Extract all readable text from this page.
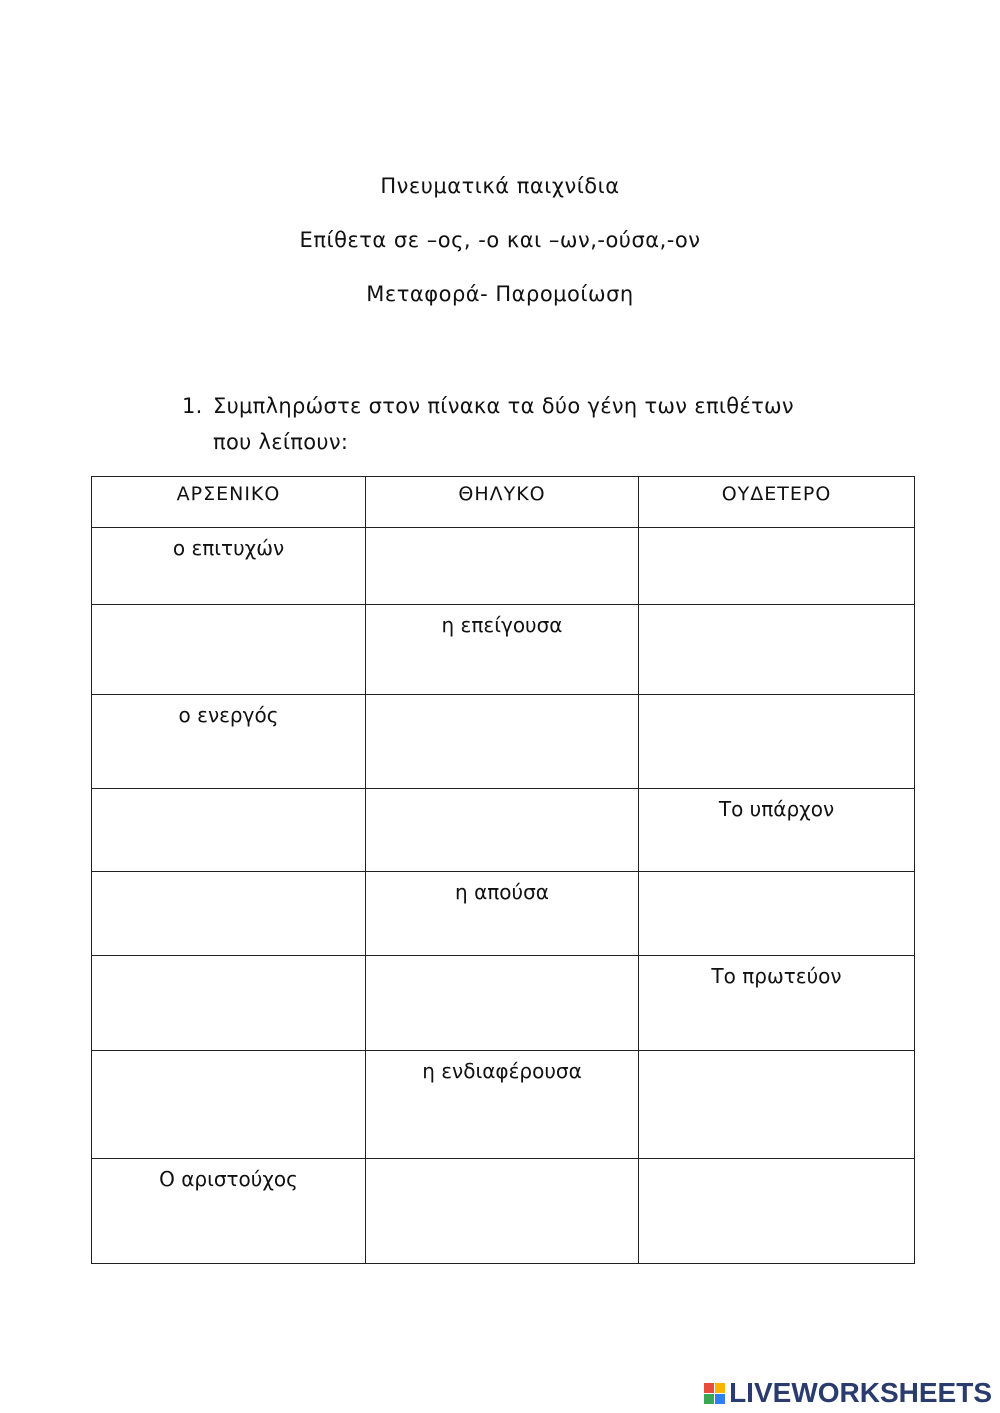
Πνευματικά παιχνίδια
Επίθετα σε –ος, -ο και –ων,-ούσα,-ον
Μεταφορά- Παρομοίωση
1. Συμπληρώστε στον πίνακα τα δύο γένη των επιθέτων
που λείπουν:
ΑΡΣΕΝΙΚΟ	ΘΗΛΥΚΟ	ΟΥΔΕΤΕΡΟ
ο επιτυχών		
	η επείγουσα	
ο ενεργός		
		Το υπάρχον
	η απούσα	
		Το πρωτεύον
	η ενδιαφέρουσα	
Ο αριστούχος		
LIVEWORKSHEETS
